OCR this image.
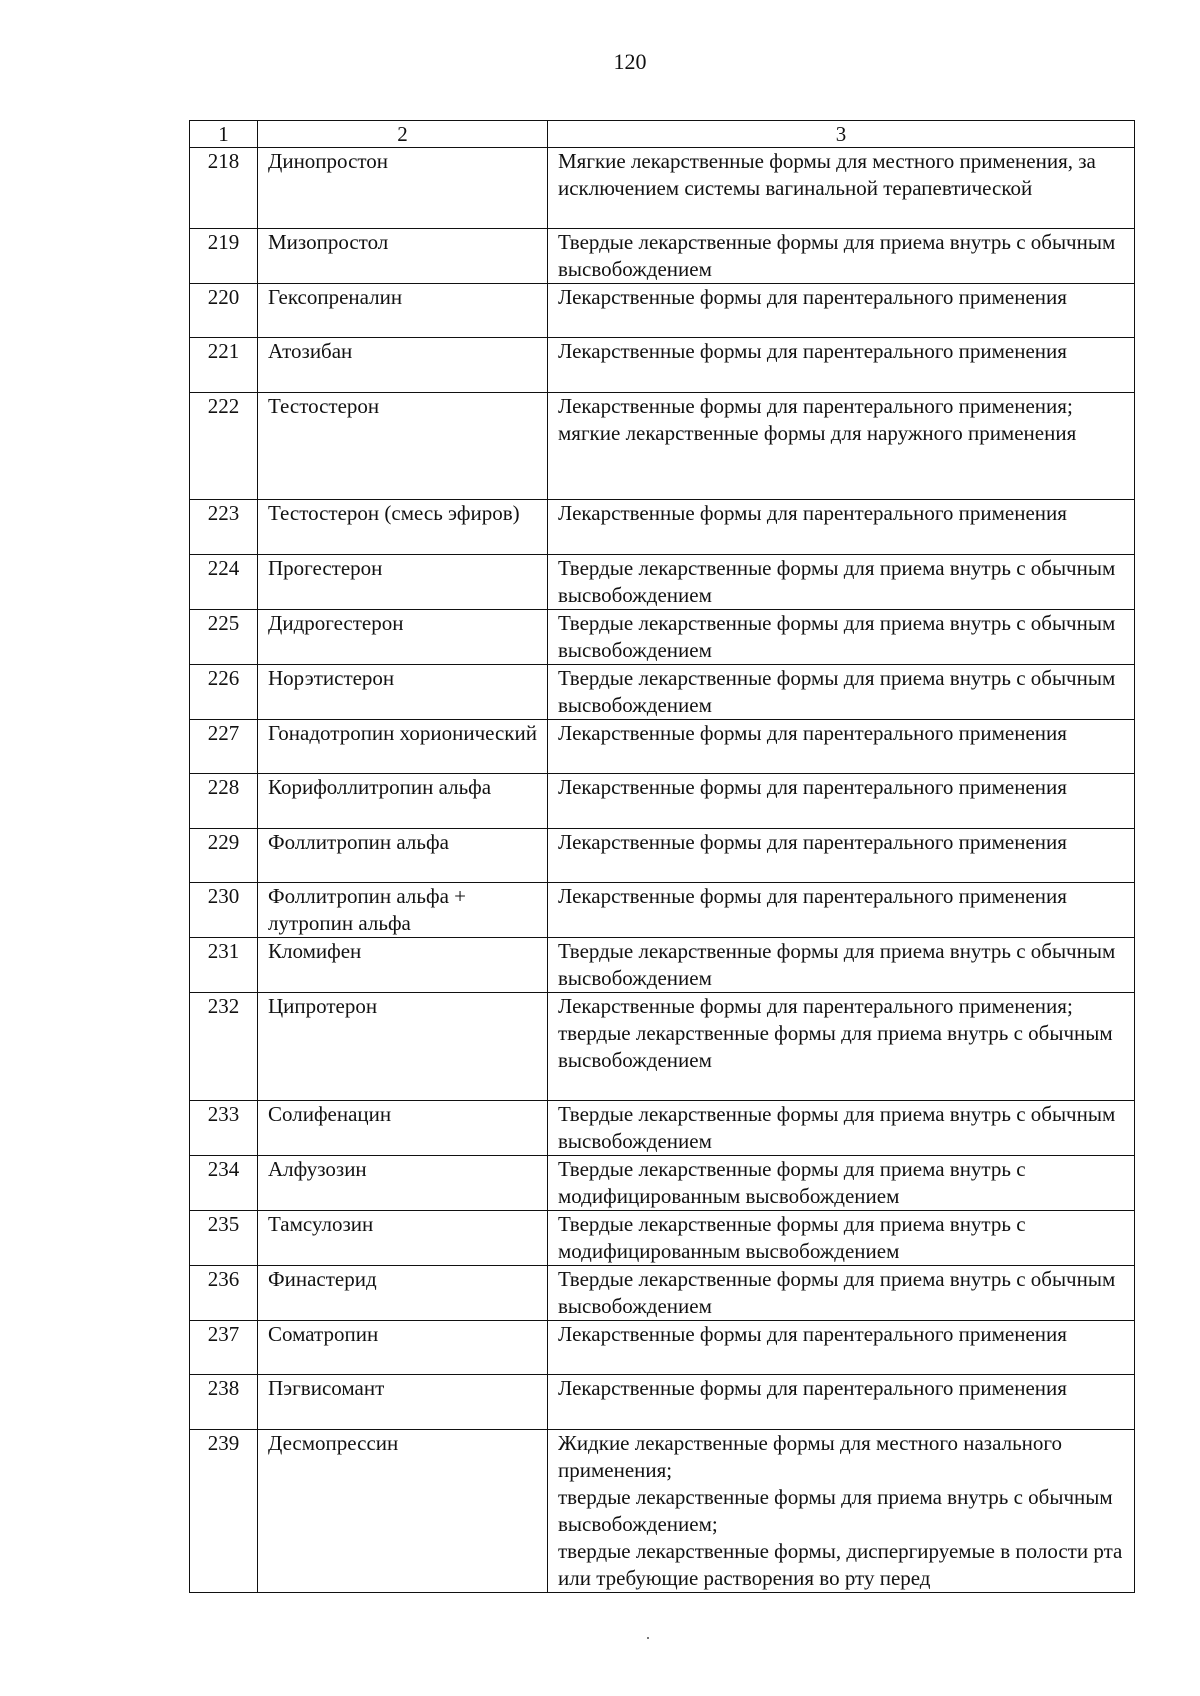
120
1	2	3
218	Динопростон	Мягкие лекарственные формы для местного применения, за исключением системы вагинальной терапевтической

219	Мизопростол	Твердые лекарственные формы для приема внутрь с обычным высвобождением

220	Гексопреналин	Лекарственные формы для парентерального применения

221	Атозибан	Лекарственные формы для парентерального применения

222	Тестостерон	Лекарственные формы для парентерального применения;
мягкие лекарственные формы для наружного применения

223	Тестостерон (смесь эфиров)	Лекарственные формы для парентерального применения

224	Прогестерон	Твердые лекарственные формы для приема внутрь с обычным высвобождением

225	Дидрогестерон	Твердые лекарственные формы для приема внутрь с обычным высвобождением

226	Норэтистерон	Твердые лекарственные формы для приема внутрь с обычным высвобождением

227	Гонадотропин хорионический	Лекарственные формы для парентерального применения

228	Корифоллитропин альфа	Лекарственные формы для парентерального применения

229	Фоллитропин альфа	Лекарственные формы для парентерального применения

230	Фоллитропин альфа + лутропин альфа	Лекарственные формы для парентерального применения

231	Кломифен	Твердые лекарственные формы для приема внутрь с обычным высвобождением

232	Ципротерон	Лекарственные формы для парентерального применения;
твердые лекарственные формы для приема внутрь с обычным высвобождением

233	Солифенацин	Твердые лекарственные формы для приема внутрь с обычным высвобождением

234	Алфузозин	Твердые лекарственные формы для приема внутрь с модифицированным высвобождением

235	Тамсулозин	Твердые лекарственные формы для приема внутрь с модифицированным высвобождением

236	Финастерид	Твердые лекарственные формы для приема внутрь с обычным высвобождением

237	Соматропин	Лекарственные формы для парентерального применения

238	Пэгвисомант	Лекарственные формы для парентерального применения

239	Десмопрессин	Жидкие лекарственные формы для местного назального применения;
твердые лекарственные формы для приема внутрь с обычным высвобождением;
твердые лекарственные формы, диспергируемые в полости рта или требующие растворения во рту перед
